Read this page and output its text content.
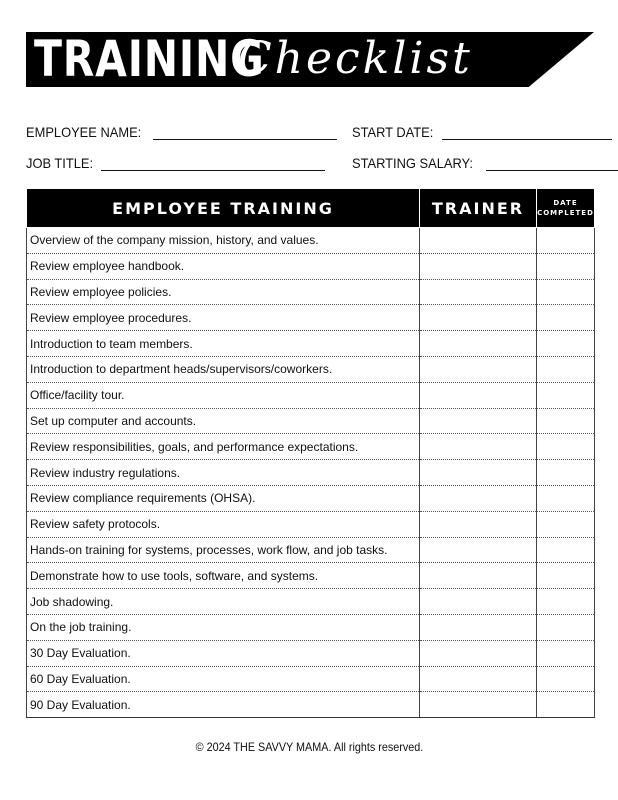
TRAINING
Checklist
EMPLOYEE NAME:	START DATE:
JOB TITLE:	STARTING SALARY:
EMPLOYEE TRAINING	TRAINER	DATE COMPLETED
Overview of the company mission, history, and values.		
Review employee handbook.		
Review employee policies.		
Review employee procedures.		
Introduction to team members.		
Introduction to department heads/supervisors/coworkers.		
Office/facility tour.		
Set up computer and accounts.		
Review responsibilities, goals, and performance expectations.		
Review industry regulations.		
Review compliance requirements (OHSA).		
Review safety protocols.		
Hands-on training for systems, processes, work flow, and job tasks.		
Demonstrate how to use tools, software, and systems.		
Job shadowing.		
On the job training.		
30 Day Evaluation.		
60 Day Evaluation.		
90 Day Evaluation.		
© 2024 THE SAVVY MAMA. All rights reserved.
